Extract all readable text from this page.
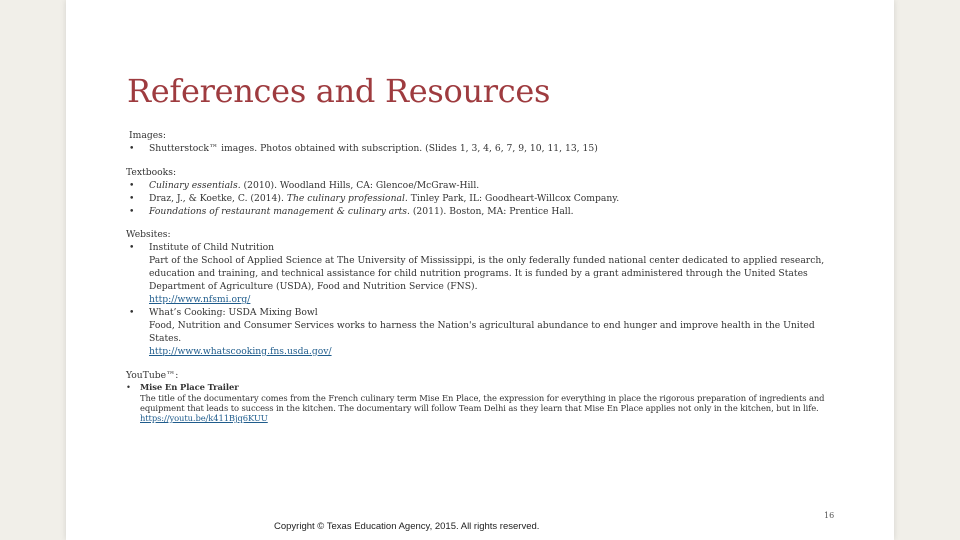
References and Resources
Images:
• Shutterstock™ images. Photos obtained with subscription. (Slides 1, 3, 4, 6, 7, 9, 10, 11, 13, 15)
Textbooks:
• Culinary essentials. (2010). Woodland Hills, CA: Glencoe/McGraw-Hill.
• Draz, J., & Koetke, C. (2014). The culinary professional. Tinley Park, IL: Goodheart-Willcox Company.
• Foundations of restaurant management & culinary arts. (2011). Boston, MA: Prentice Hall.
Websites:
• Institute of Child Nutrition
Part of the School of Applied Science at The University of Mississippi, is the only federally funded national center dedicated to applied research, education and training, and technical assistance for child nutrition programs. It is funded by a grant administered through the United States Department of Agriculture (USDA), Food and Nutrition Service (FNS).
http://www.nfsmi.org/
• What’s Cooking: USDA Mixing Bowl
Food, Nutrition and Consumer Services works to harness the Nation's agricultural abundance to end hunger and improve health in the United States.
http://www.whatscooking.fns.usda.gov/
YouTube™:
• Mise En Place Trailer
The title of the documentary comes from the French culinary term Mise En Place, the expression for everything in place the rigorous preparation of ingredients and equipment that leads to success in the kitchen. The documentary will follow Team Delhi as they learn that Mise En Place applies not only in the kitchen, but in life.
https://youtu.be/k411Bjq6KUU
16
Copyright © Texas Education Agency, 2015. All rights reserved.
